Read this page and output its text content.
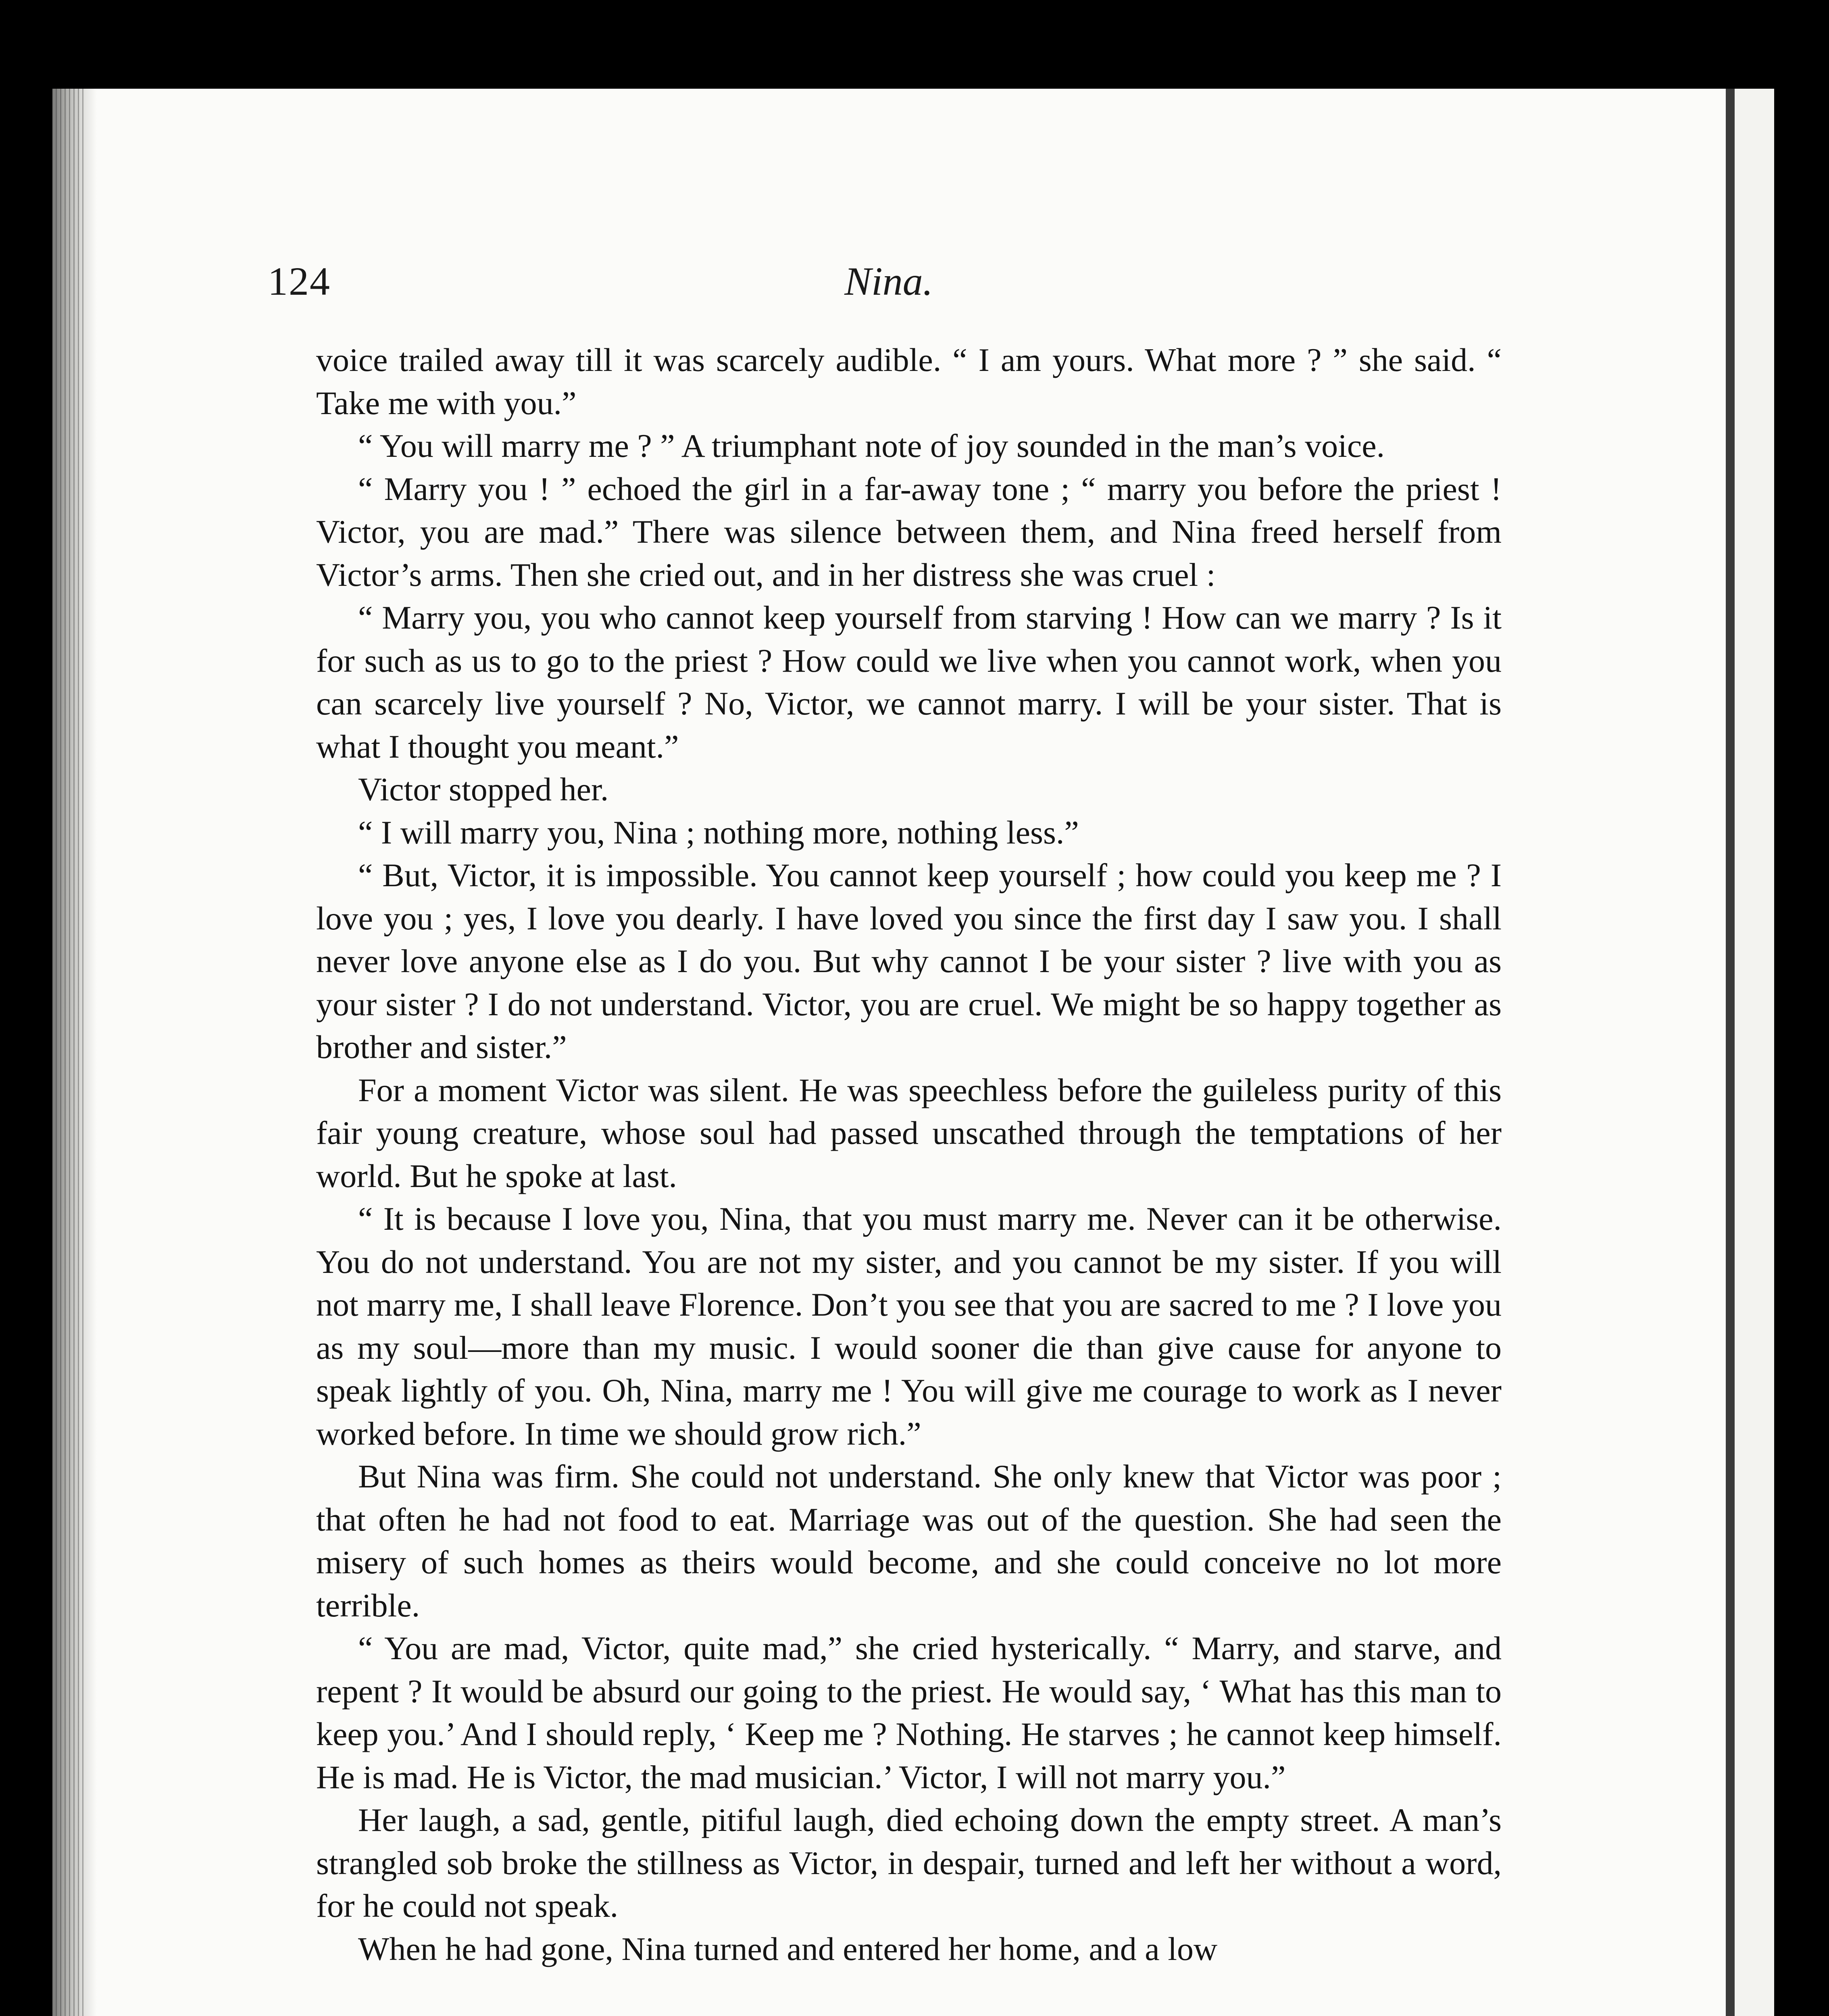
124	Nina.

voice trailed away till it was scarcely audible. “ I am yours. What more ? ” she said. “ Take me with you.”

“ You will marry me ? ” A triumphant note of joy sounded in the man’s voice.

“ Marry you ! ” echoed the girl in a far-away tone ; “ marry you before the priest ! Victor, you are mad.” There was silence between them, and Nina freed herself from Victor’s arms. Then she cried out, and in her distress she was cruel :

“ Marry you, you who cannot keep yourself from starving ! How can we marry ? Is it for such as us to go to the priest ? How could we live when you cannot work, when you can scarcely live yourself ? No, Victor, we cannot marry. I will be your sister. That is what I thought you meant.”

Victor stopped her.

“ I will marry you, Nina ; nothing more, nothing less.”

“ But, Victor, it is impossible. You cannot keep yourself ; how could you keep me ? I love you ; yes, I love you dearly. I have loved you since the first day I saw you. I shall never love anyone else as I do you. But why cannot I be your sister ? live with you as your sister ? I do not understand. Victor, you are cruel. We might be so happy together as brother and sister.”

For a moment Victor was silent. He was speechless before the guileless purity of this fair young creature, whose soul had passed unscathed through the temptations of her world. But he spoke at last.

“ It is because I love you, Nina, that you must marry me. Never can it be otherwise. You do not understand. You are not my sister, and you cannot be my sister. If you will not marry me, I shall leave Florence. Don’t you see that you are sacred to me ? I love you as my soul—more than my music. I would sooner die than give cause for anyone to speak lightly of you. Oh, Nina, marry me ! You will give me courage to work as I never worked before. In time we should grow rich.”

But Nina was firm. She could not understand. She only knew that Victor was poor ; that often he had not food to eat. Marriage was out of the question. She had seen the misery of such homes as theirs would become, and she could conceive no lot more terrible.

“ You are mad, Victor, quite mad,” she cried hysterically. “ Marry, and starve, and repent ? It would be absurd our going to the priest. He would say, ‘ What has this man to keep you.’ And I should reply, ‘ Keep me ? Nothing. He starves ; he cannot keep himself. He is mad. He is Victor, the mad musician.’ Victor, I will not marry you.”

Her laugh, a sad, gentle, pitiful laugh, died echoing down the empty street. A man’s strangled sob broke the stillness as Victor, in despair, turned and left her without a word, for he could not speak.

When he had gone, Nina turned and entered her home, and a low
